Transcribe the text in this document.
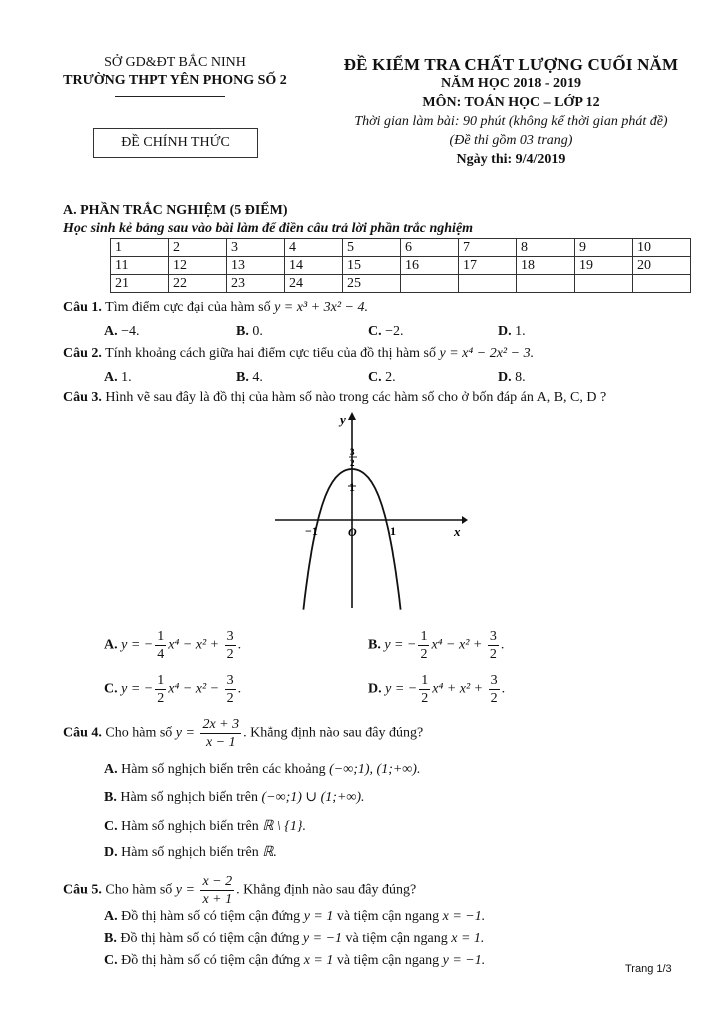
SỞ GD&ĐT BẮC NINH
TRƯỜNG THPT YÊN PHONG SỐ 2
ĐỀ CHÍNH THỨC
ĐỀ KIỂM TRA CHẤT LƯỢNG CUỐI NĂM
NĂM HỌC 2018 - 2019
MÔN: TOÁN HỌC – LỚP 12
Thời gian làm bài: 90 phút (không kể thời gian phát đề)
(Đề thi gồm 03 trang)
Ngày thi: 9/4/2019
A. PHẦN TRẮC NGHIỆM (5 ĐIỂM)
Học sinh kẻ bảng sau vào bài làm để điền câu trả lời phần trắc nghiệm
1	2	3	4	5	6	7	8	9	10
11	12	13	14	15	16	17	18	19	20
21	22	23	24	25					
Câu 1. Tìm điểm cực đại của hàm số y = x³ + 3x² − 4.
A. −4.	B. 0.	C. −2.	D. 1.
Câu 2. Tính khoảng cách giữa hai điểm cực tiểu của đồ thị hàm số y = x⁴ − 2x² − 3.
A. 1.	B. 4.	C. 2.	D. 8.
Câu 3. Hình vẽ sau đây là đồ thị của hàm số nào trong các hàm số cho ở bốn đáp án A, B, C, D ?
y
x
O
3
2
1
−1	1
A. y = − $\frac{1}{4} x^4 - x^2 + \frac{3}{2}$ .	B. y = − $\frac{1}{2} x^4 - x^2 + \frac{3}{2}$ .
C. y = − $\frac{1}{2} x^4 - x^2 - \frac{3}{2}$ .	D. y = − $\frac{1}{2} x^4 + x^2 + \frac{3}{2}$ .
Câu 4. Cho hàm số $y = \frac{2x + 3}{x - 1}$ . Khẳng định nào sau đây đúng?
A. Hàm số nghịch biến trên các khoảng (−∞;1), (1;+∞).
B. Hàm số nghịch biến trên (−∞;1) ∪ (1;+∞).
C. Hàm số nghịch biến trên ℝ \ {1}.
D. Hàm số nghịch biến trên ℝ.
Câu 5. Cho hàm số $y = \frac{x - 2}{x + 1}$ . Khẳng định nào sau đây đúng?
A. Đồ thị hàm số có tiệm cận đứng y = 1 và tiệm cận ngang x = −1.
B. Đồ thị hàm số có tiệm cận đứng y = −1 và tiệm cận ngang x = 1.
C. Đồ thị hàm số có tiệm cận đứng x = 1 và tiệm cận ngang y = −1.
Trang 1/3
